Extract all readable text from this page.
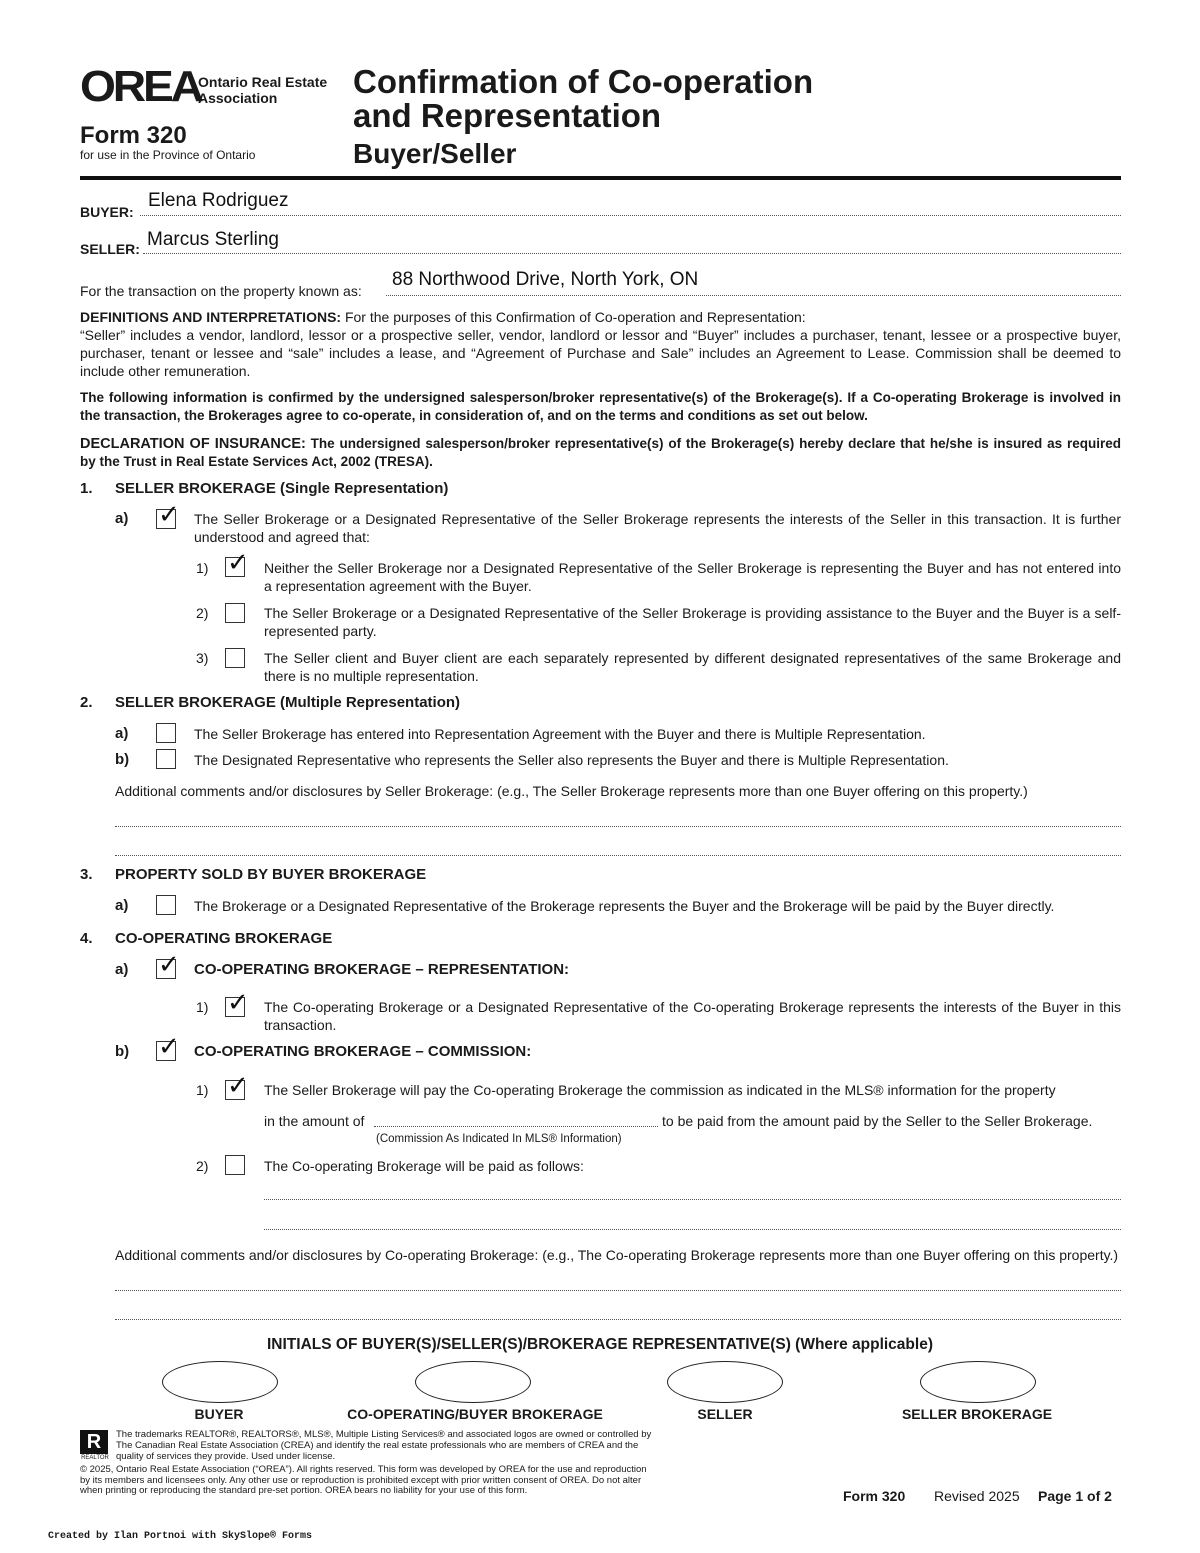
OREA
Ontario Real Estate
Association
Form 320
for use in the Province of Ontario
Confirmation of Co-operation
and Representation
Buyer/Seller
BUYER:
Elena Rodriguez
SELLER: Marcus Sterling
For the transaction on the property known as:
88 Northwood Drive, North York, ON
DEFINITIONS AND INTERPRETATIONS: For the purposes of this Confirmation of Co-operation and Representation:
“Seller” includes a vendor, landlord, lessor or a prospective seller, vendor, landlord or lessor and “Buyer” includes a purchaser, tenant, lessee or a prospective buyer, purchaser, tenant or lessee and “sale” includes a lease, and “Agreement of Purchase and Sale” includes an Agreement to Lease. Commission shall be deemed to include other remuneration.
The following information is confirmed by the undersigned salesperson/broker representative(s) of the Brokerage(s). If a Co-operating Brokerage is involved in the transaction, the Brokerages agree to co-operate, in consideration of, and on the terms and conditions as set out below.
DECLARATION OF INSURANCE: The undersigned salesperson/broker representative(s) of the Brokerage(s) hereby declare that he/she is insured as required by the Trust in Real Estate Services Act, 2002 (TRESA).
1. SELLER BROKERAGE (Single Representation)
a) ✓ The Seller Brokerage or a Designated Representative of the Seller Brokerage represents the interests of the Seller in this transaction. It is further understood and agreed that:
1) ✓ Neither the Seller Brokerage nor a Designated Representative of the Seller Brokerage is representing the Buyer and has not entered into a representation agreement with the Buyer.
2)	The Seller Brokerage or a Designated Representative of the Seller Brokerage is providing assistance to the Buyer and the Buyer is a self-represented party.
3)	The Seller client and Buyer client are each separately represented by different designated representatives of the same Brokerage and there is no multiple representation.
2. SELLER BROKERAGE (Multiple Representation)
a)	The Seller Brokerage has entered into Representation Agreement with the Buyer and there is Multiple Representation.
b)	The Designated Representative who represents the Seller also represents the Buyer and there is Multiple Representation.
Additional comments and/or disclosures by Seller Brokerage: (e.g., The Seller Brokerage represents more than one Buyer offering on this property.)
3. PROPERTY SOLD BY BUYER BROKERAGE
a)	The Brokerage or a Designated Representative of the Brokerage represents the Buyer and the Brokerage will be paid by the Buyer directly.
4. CO-OPERATING BROKERAGE
a) ✓ CO-OPERATING BROKERAGE – REPRESENTATION:
1) ✓ The Co-operating Brokerage or a Designated Representative of the Co-operating Brokerage represents the interests of the Buyer in this transaction.
b) ✓ CO-OPERATING BROKERAGE – COMMISSION:
1) ✓ The Seller Brokerage will pay the Co-operating Brokerage the commission as indicated in the MLS® information for the property
in the amount of	to be paid from the amount paid by the Seller to the Seller Brokerage.
(Commission As Indicated In MLS® Information)
2)	The Co-operating Brokerage will be paid as follows:
Additional comments and/or disclosures by Co-operating Brokerage: (e.g., The Co-operating Brokerage represents more than one Buyer offering on this property.)
INITIALS OF BUYER(S)/SELLER(S)/BROKERAGE REPRESENTATIVE(S) (Where applicable)
BUYER	CO-OPERATING/BUYER BROKERAGE	SELLER	SELLER BROKERAGE
R
REALTOR
The trademarks REALTOR®, REALTORS®, MLS®, Multiple Listing Services® and associated logos are owned or controlled by
The Canadian Real Estate Association (CREA) and identify the real estate professionals who are members of CREA and the
quality of services they provide. Used under license.
© 2025, Ontario Real Estate Association (“OREA”). All rights reserved. This form was developed by OREA for the use and reproduction
by its members and licensees only. Any other use or reproduction is prohibited except with prior written consent of OREA. Do not alter
when printing or reproducing the standard pre-set portion. OREA bears no liability for your use of this form.	Form 320 Revised 2025 Page 1 of 2
Created by Ilan Portnoi with SkySlope® Forms
